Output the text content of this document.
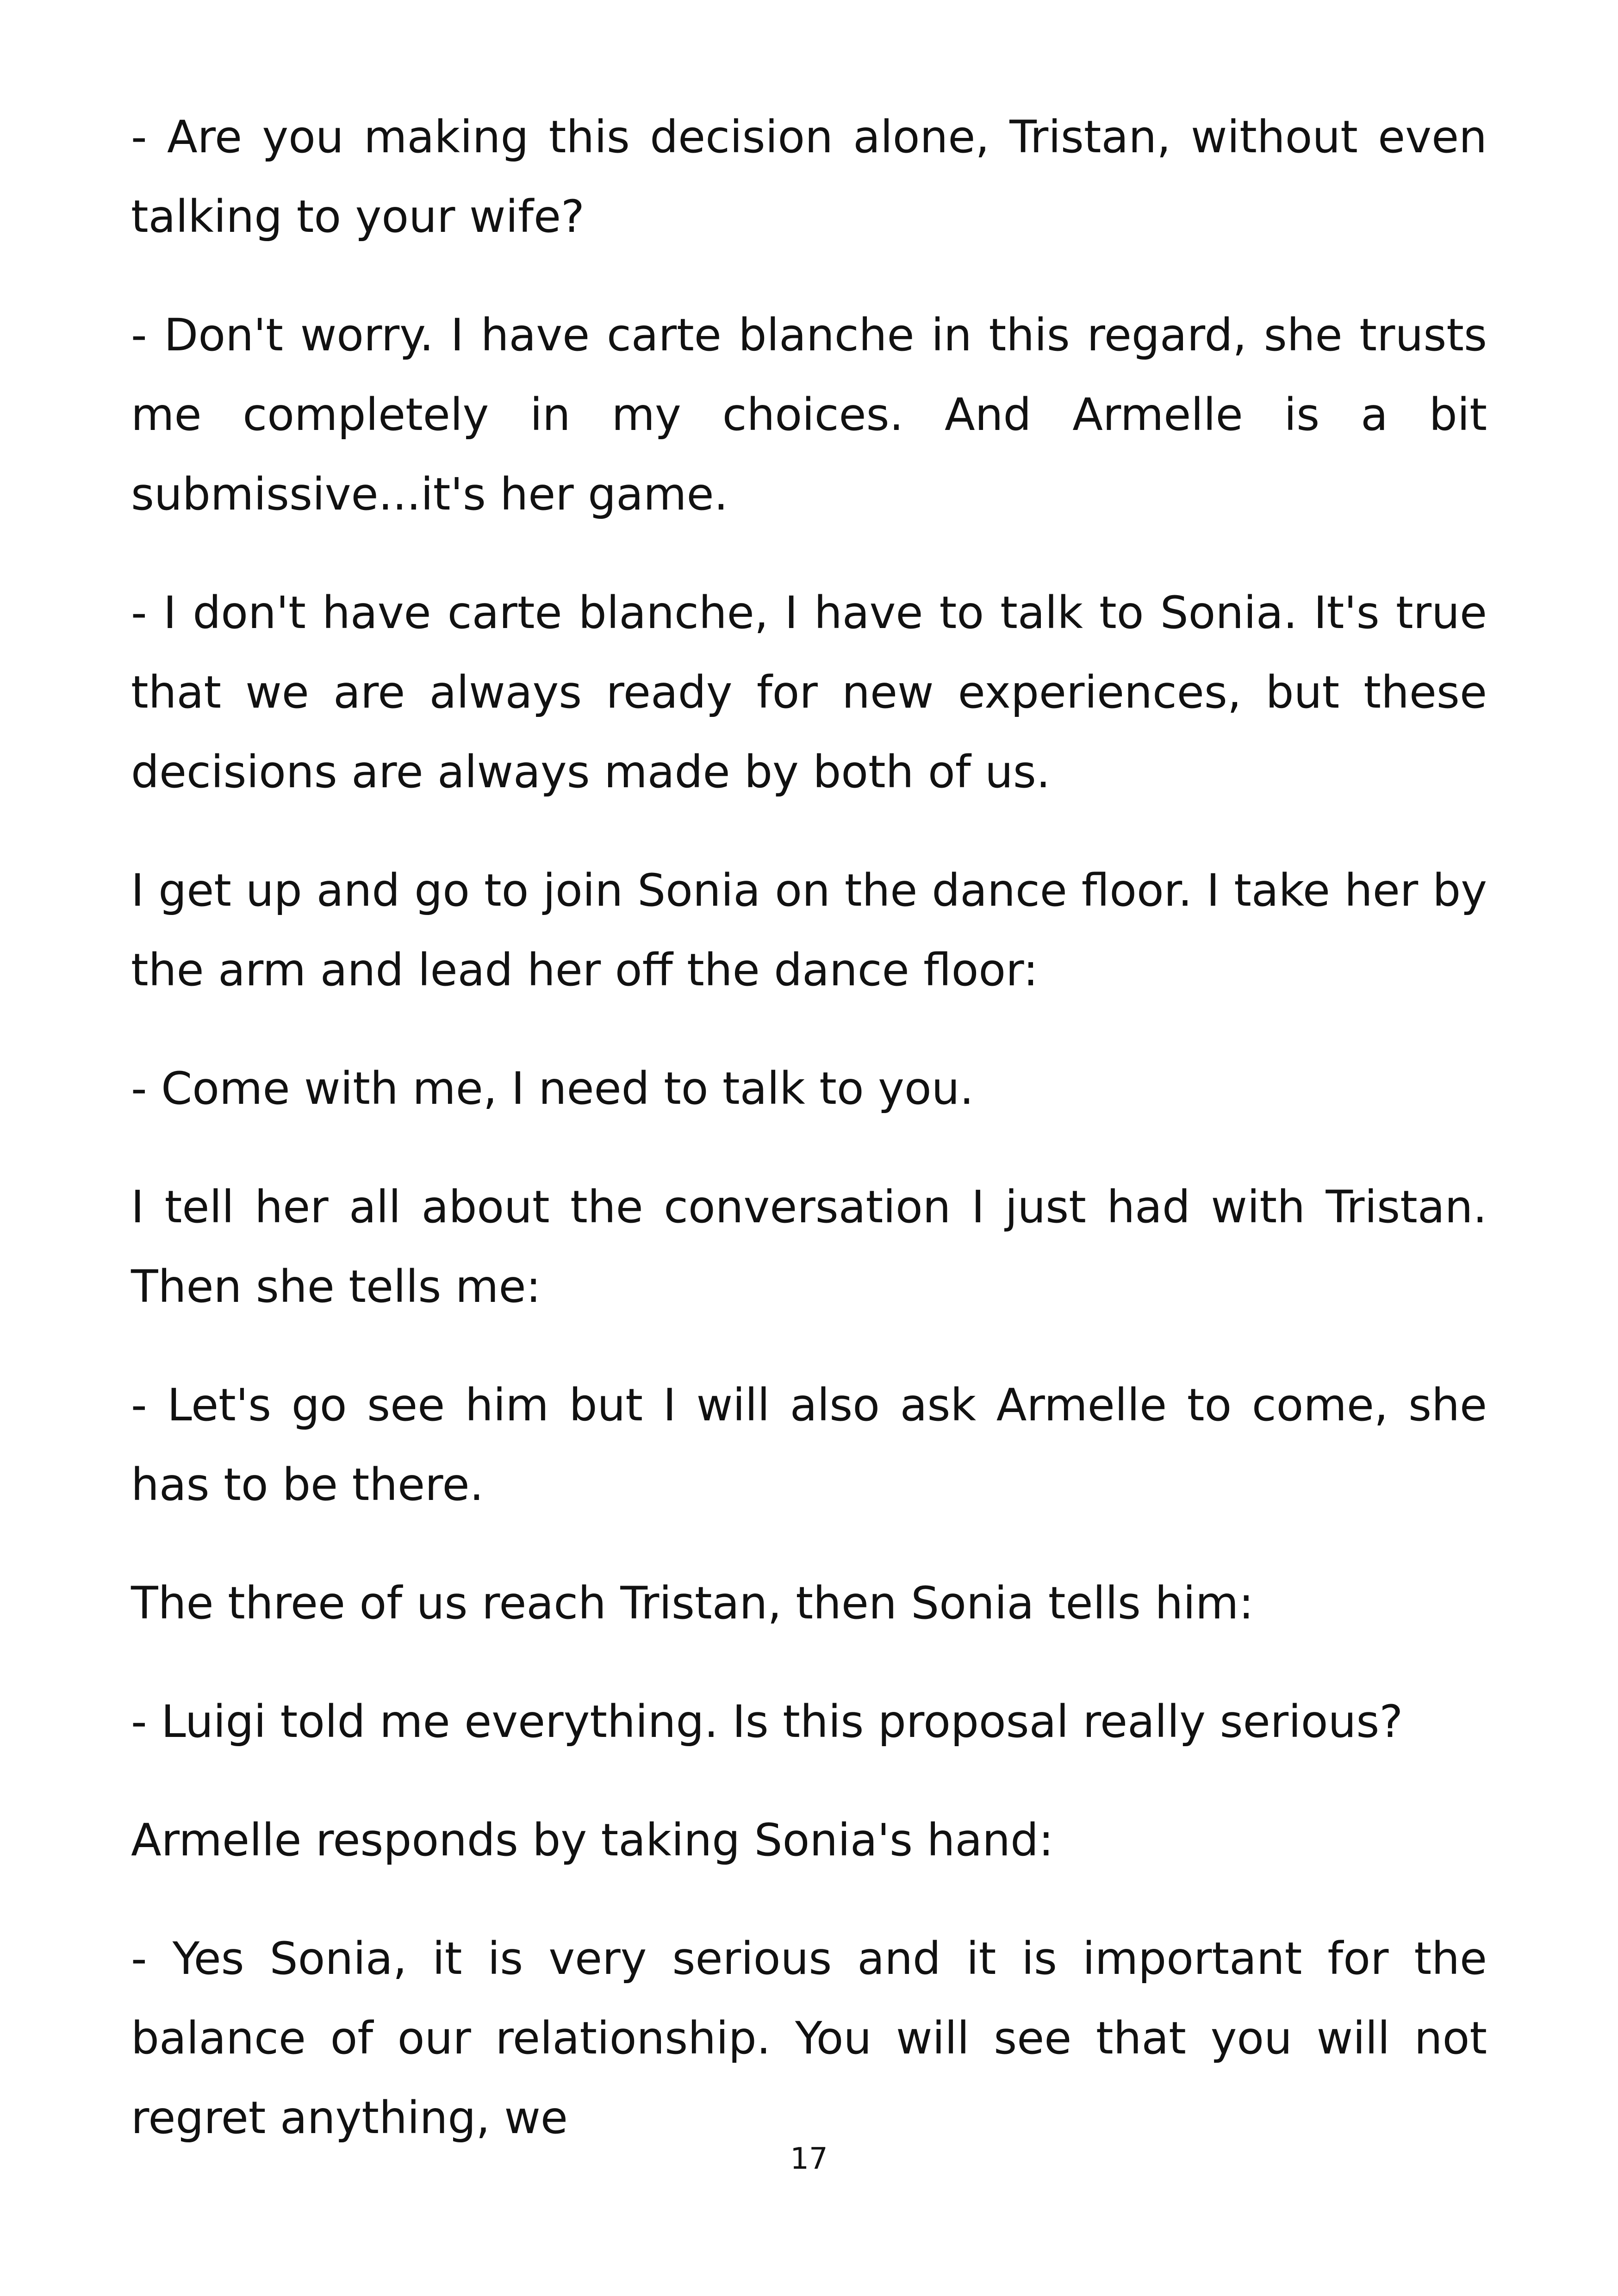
- Are you making this decision alone, Tristan, without even talking to your wife?

- Don't worry. I have carte blanche in this regard, she trusts me completely in my choices. And Armelle is a bit submissive...it's her game.

- I don't have carte blanche, I have to talk to Sonia. It's true that we are always ready for new experiences, but these decisions are always made by both of us.

I get up and go to join Sonia on the dance floor. I take her by the arm and lead her off the dance floor:

- Come with me, I need to talk to you.

I tell her all about the conversation I just had with Tristan. Then she tells me:

- Let's go see him but I will also ask Armelle to come, she has to be there.

The three of us reach Tristan, then Sonia tells him:

- Luigi told me everything. Is this proposal really serious?

Armelle responds by taking Sonia's hand:

- Yes Sonia, it is very serious and it is important for the balance of our relationship. You will see that you will not regret anything, we

17
